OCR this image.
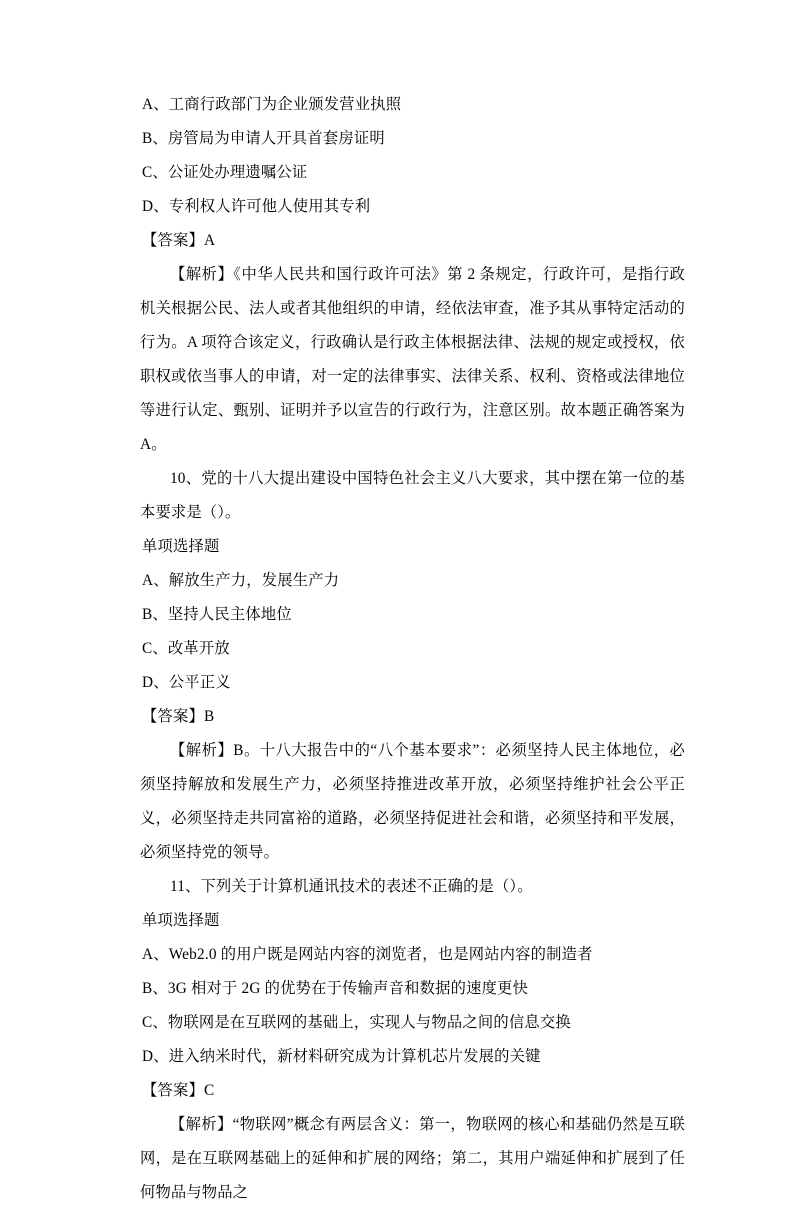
A、工商行政部门为企业颁发营业执照
B、房管局为申请人开具首套房证明
C、公证处办理遗嘱公证
D、专利权人许可他人使用其专利
【答案】A

【解析】《中华人民共和国行政许可法》第 2 条规定，行政许可，是指行政机关根据公民、法人或者其他组织的申请，经依法审查，准予其从事特定活动的行为。A 项符合该定义，行政确认是行政主体根据法律、法规的规定或授权，依职权或依当事人的申请，对一定的法律事实、法律关系、权利、资格或法律地位等进行认定、甄别、证明并予以宣告的行政行为，注意区别。故本题正确答案为 A。

10、党的十八大提出建设中国特色社会主义八大要求，其中摆在第一位的基本要求是（）。

单项选择题
A、解放生产力，发展生产力
B、坚持人民主体地位
C、改革开放
D、公平正义
【答案】B

【解析】B。十八大报告中的“八个基本要求”：必须坚持人民主体地位，必须坚持解放和发展生产力，必须坚持推进改革开放，必须坚持维护社会公平正义，必须坚持走共同富裕的道路，必须坚持促进社会和谐，必须坚持和平发展，必须坚持党的领导。

11、下列关于计算机通讯技术的表述不正确的是（）。

单项选择题
A、Web2.0 的用户既是网站内容的浏览者，也是网站内容的制造者
B、3G 相对于 2G 的优势在于传输声音和数据的速度更快
C、物联网是在互联网的基础上，实现人与物品之间的信息交换
D、进入纳米时代，新材料研究成为计算机芯片发展的关键
【答案】C

【解析】“物联网”概念有两层含义：第一，物联网的核心和基础仍然是互联网，是在互联网基础上的延伸和扩展的网络；第二，其用户端延伸和扩展到了任何物品与物品之
